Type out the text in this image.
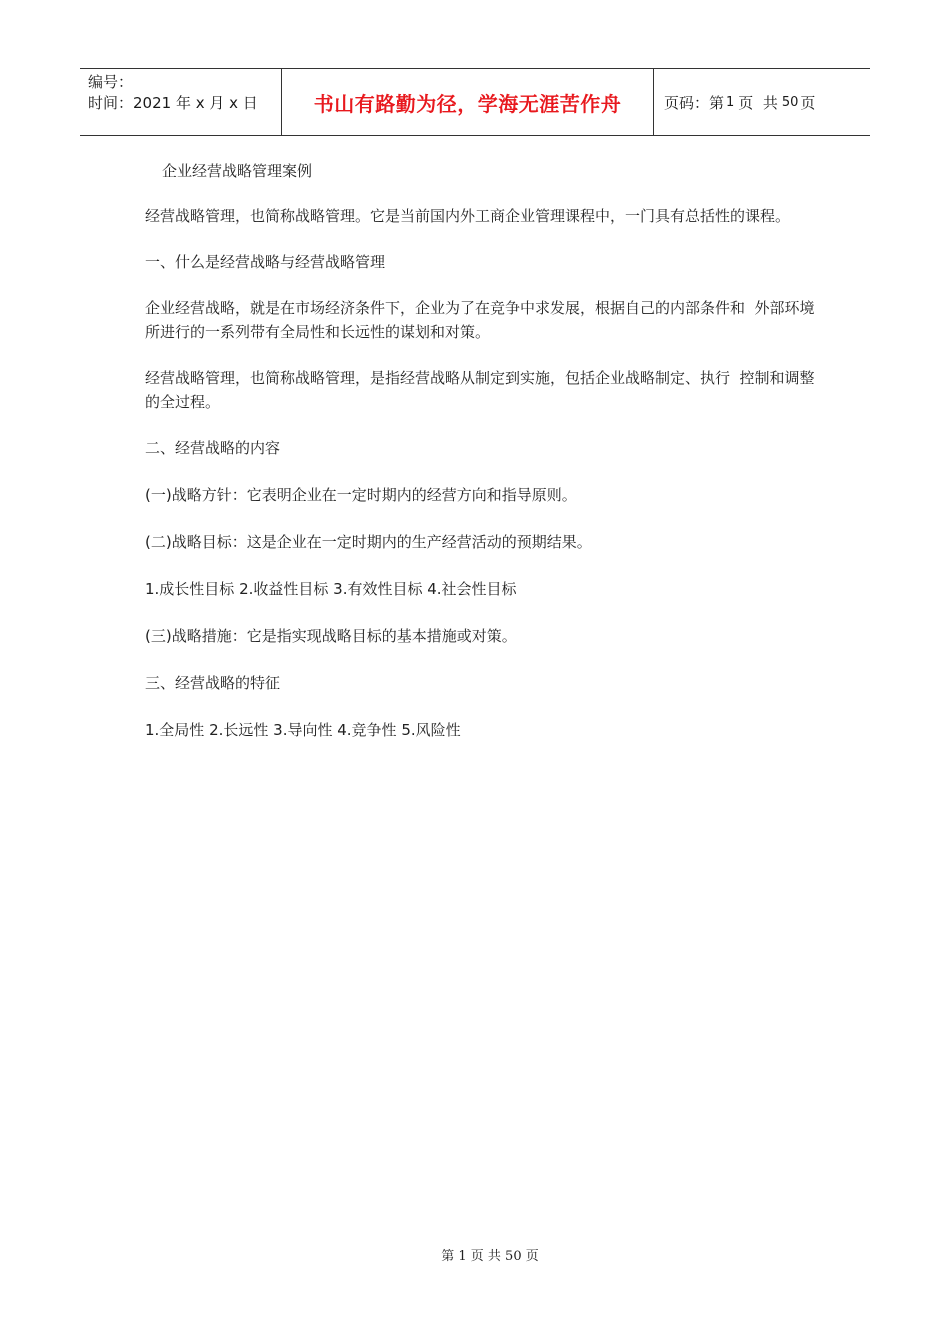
编号：
时间：2021 年 x 月 x 日	书山有路勤为径，学海无涯苦作舟	页码：第 1 页  共 50 页

企业经营战略管理案例

经营战略管理，也简称战略管理。它是当前国内外工商企业管理课程中，一门具有总括性的课程。

一、什么是经营战略与经营战略管理

企业经营战略，就是在市场经济条件下，企业为了在竞争中求发展，根据自己的内部条件和  外部环境所进行的一系列带有全局性和长远性的谋划和对策。

经营战略管理，也简称战略管理，是指经营战略从制定到实施，包括企业战略制定、执行  控制和调整的全过程。

二、经营战略的内容

(一)战略方针：它表明企业在一定时期内的经营方向和指导原则。

(二)战略目标：这是企业在一定时期内的生产经营活动的预期结果。

1.成长性目标 2.收益性目标 3.有效性目标 4.社会性目标

(三)战略措施：它是指实现战略目标的基本措施或对策。

三、经营战略的特征

1.全局性 2.长远性 3.导向性 4.竞争性 5.风险性

第 1 页 共 50 页
